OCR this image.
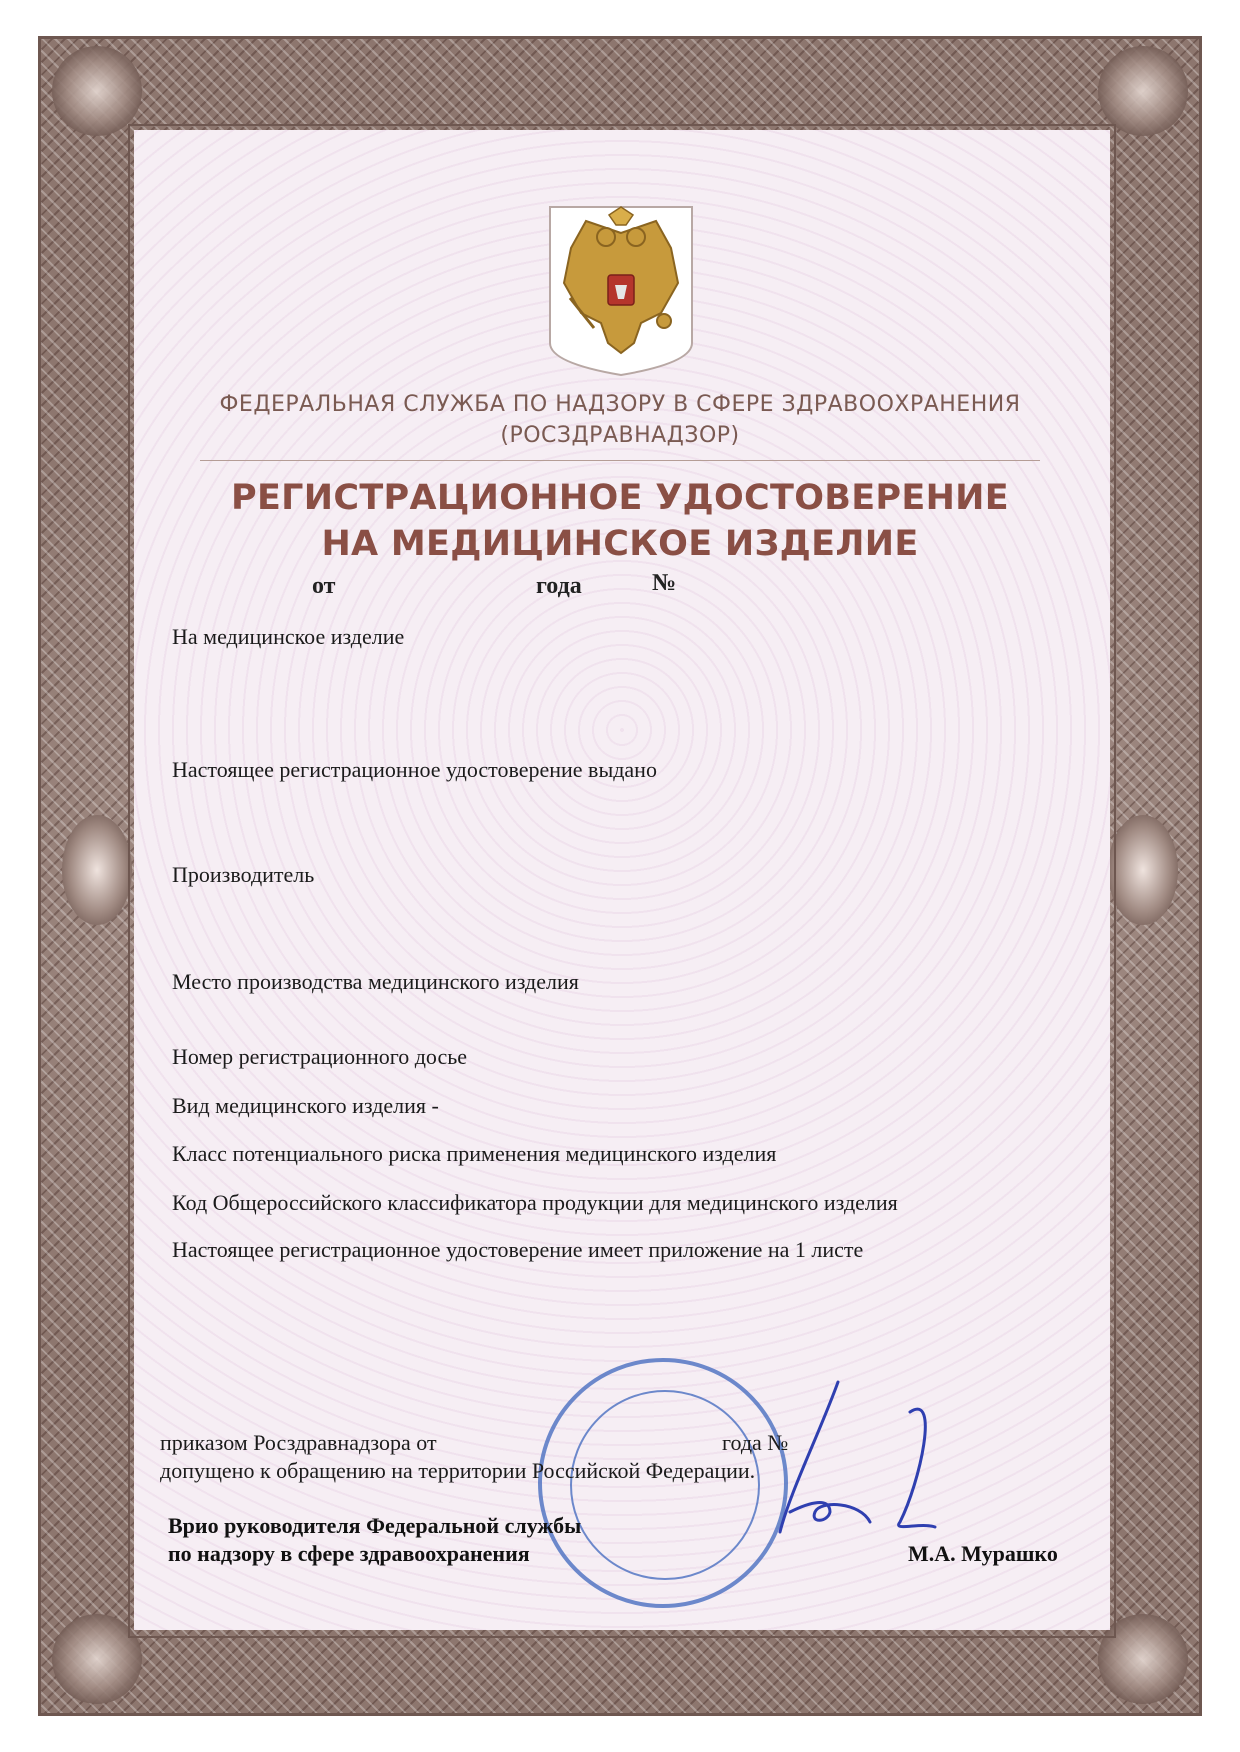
ФЕДЕРАЛЬНАЯ СЛУЖБА ПО НАДЗОРУ В СФЕРЕ ЗДРАВООХРАНЕНИЯ
(РОСЗДРАВНАДЗОР)
РЕГИСТРАЦИОННОЕ УДОСТОВЕРЕНИЕ
НА МЕДИЦИНСКОЕ ИЗДЕЛИЕ
от	года	№
На медицинское изделие
Настоящее регистрационное удостоверение выдано
Производитель
Место производства медицинского изделия
Номер регистрационного досье
Вид медицинского изделия -
Класс потенциального риска применения медицинского изделия
Код Общероссийского классификатора продукции для медицинского изделия
Настоящее регистрационное удостоверение имеет приложение на 1 листе
приказом Росздравнадзора от	года №
допущено к обращению на территории Российской Федерации.
Врио руководителя Федеральной службы
по надзору в сфере здравоохранения	М.А. Мурашко
